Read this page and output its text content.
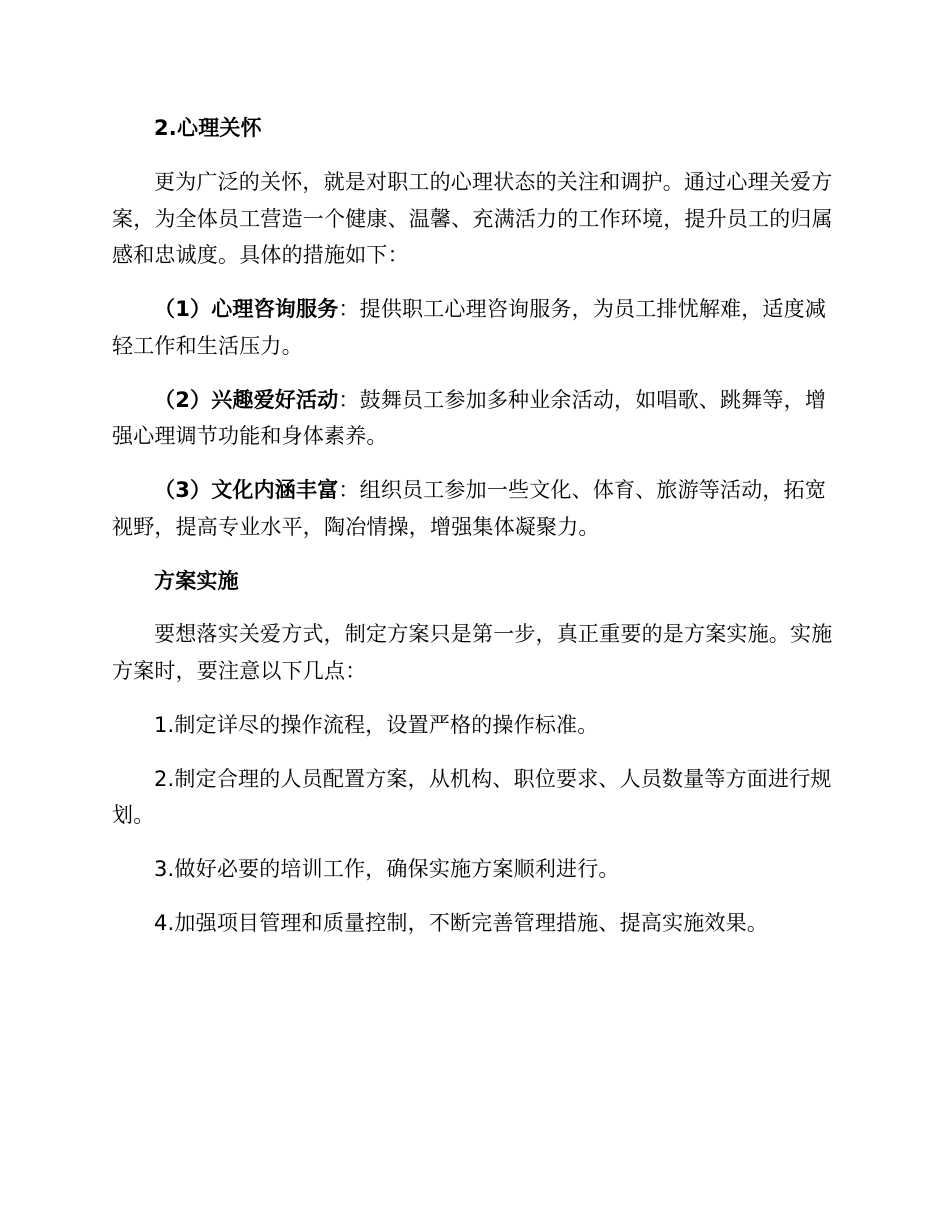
2.心理关怀

更为广泛的关怀，就是对职工的心理状态的关注和调护。通过心理关爱方案，为全体员工营造一个健康、温馨、充满活力的工作环境，提升员工的归属感和忠诚度。具体的措施如下：

（1）心理咨询服务：提供职工心理咨询服务，为员工排忧解难，适度减轻工作和生活压力。

（2）兴趣爱好活动：鼓舞员工参加多种业余活动，如唱歌、跳舞等，增强心理调节功能和身体素养。

（3）文化内涵丰富：组织员工参加一些文化、体育、旅游等活动，拓宽视野，提高专业水平，陶冶情操，增强集体凝聚力。

方案实施

要想落实关爱方式，制定方案只是第一步，真正重要的是方案实施。实施方案时，要注意以下几点：

1.制定详尽的操作流程，设置严格的操作标准。

2.制定合理的人员配置方案，从机构、职位要求、人员数量等方面进行规划。

3.做好必要的培训工作，确保实施方案顺利进行。

4.加强项目管理和质量控制，不断完善管理措施、提高实施效果。
